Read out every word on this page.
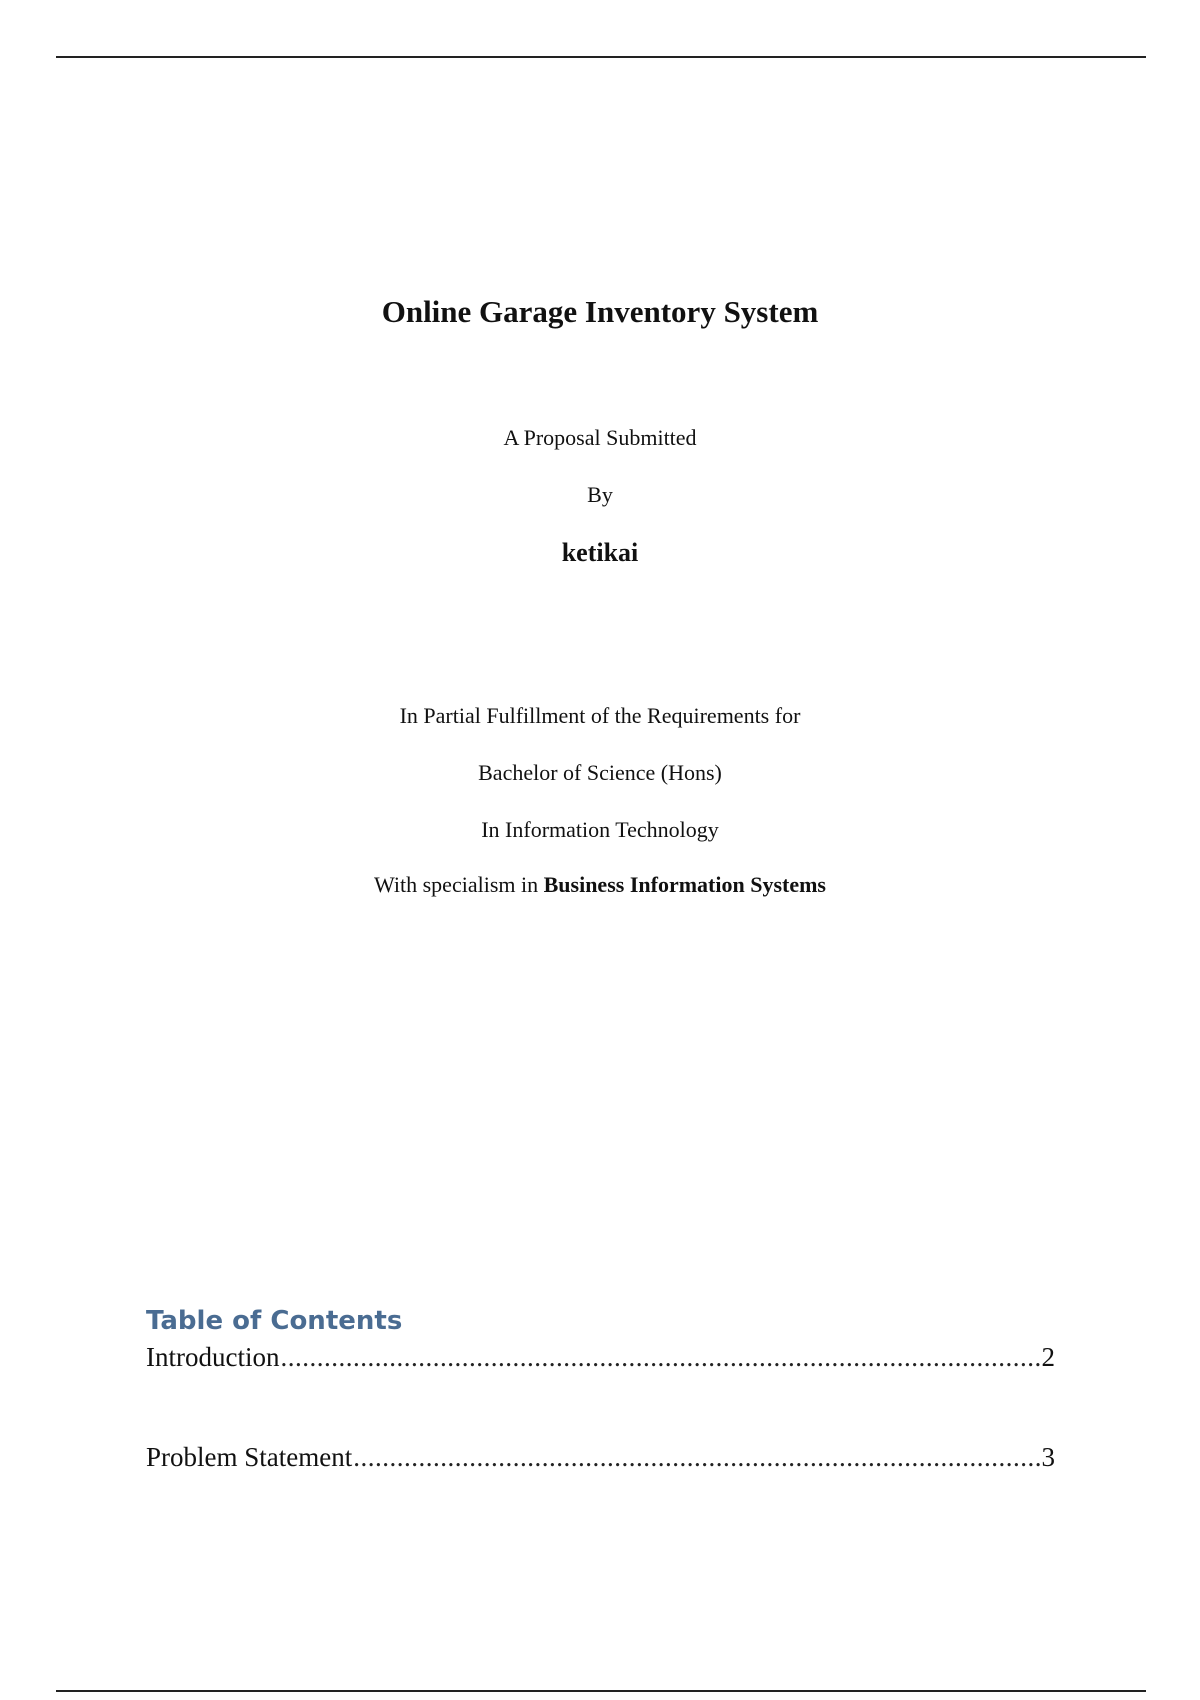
Online Garage Inventory System
A Proposal Submitted
By
ketikai
In Partial Fulfillment of the Requirements for
Bachelor of Science (Hons)
In Information Technology
With specialism in Business Information Systems
Table of Contents
Introduction .....	2
Problem Statement .....	3
